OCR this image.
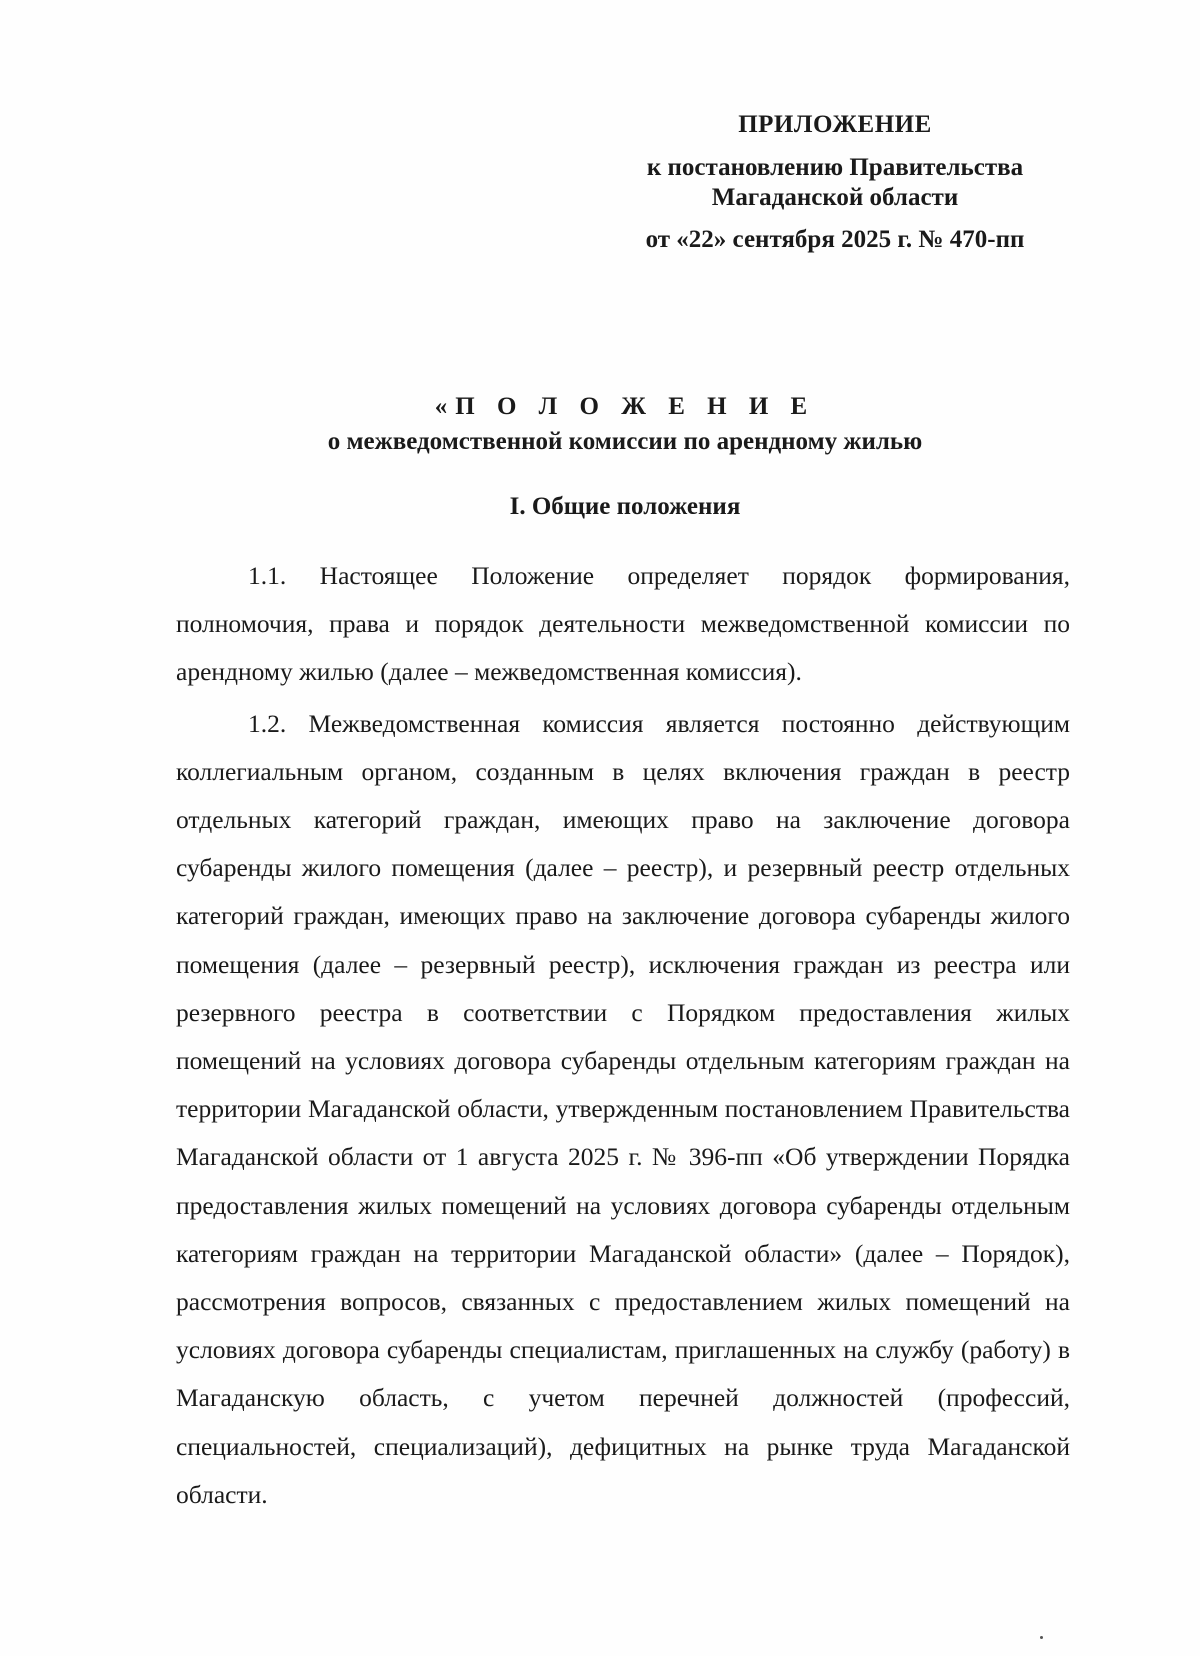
ПРИЛОЖЕНИЕ
к постановлению Правительства
Магаданской области
от «22» сентября 2025 г. № 470-пп
«П О Л О Ж Е Н И Е
о межведомственной комиссии по арендному жилью
I. Общие положения

1.1. Настоящее Положение определяет порядок формирования, полномочия, права и порядок деятельности межведомственной комиссии по арендному жилью (далее – межведомственная комиссия).

1.2. Межведомственная комиссия является постоянно действующим коллегиальным органом, созданным в целях включения граждан в реестр отдельных категорий граждан, имеющих право на заключение договора субаренды жилого помещения (далее – реестр), и резервный реестр отдельных категорий граждан, имеющих право на заключение договора субаренды жилого помещения (далее – резервный реестр), исключения граждан из реестра или резервного реестра в соответствии с Порядком предоставления жилых помещений на условиях договора субаренды отдельным категориям граждан на территории Магаданской области, утвержденным постановлением Правительства Магаданской области от 1 августа 2025 г. № 396-пп «Об утверждении Порядка предоставления жилых помещений на условиях договора субаренды отдельным категориям граждан на территории Магаданской области» (далее – Порядок), рассмотрения вопросов, связанных с предоставлением жилых помещений на условиях договора субаренды специалистам, приглашенных на службу (работу) в Магаданскую область, с учетом перечней должностей (профессий, специальностей, специализаций), дефицитных на рынке труда Магаданской области.
